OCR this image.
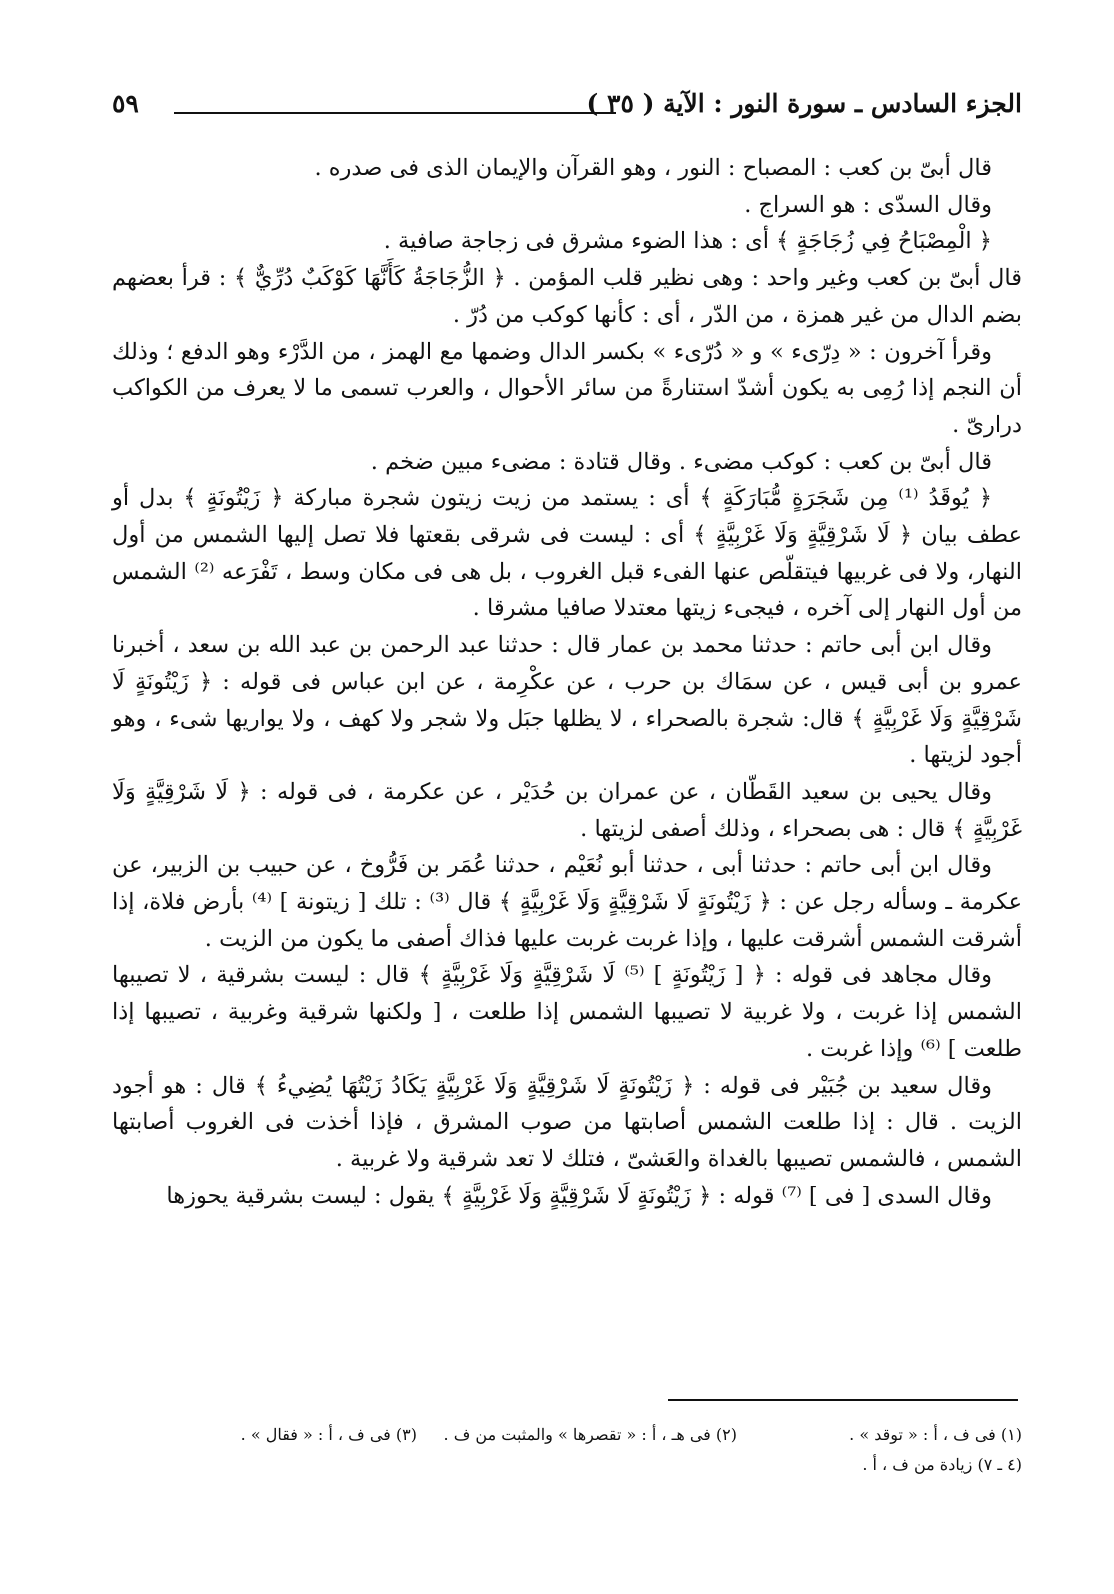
الجزء السادس ـ سورة النور : الآية ( ٣٥ )
٥٩

قال أبىّ بن كعب : المصباح : النور ، وهو القرآن والإيمان الذى فى صدره .

وقال السدّى : هو السراج .

﴿ الْمِصْبَاحُ فِي زُجَاجَةٍ ﴾ أى : هذا الضوء مشرق فى زجاجة صافية .

قال أبىّ بن كعب وغير واحد : وهى نظير قلب المؤمن . ﴿ الزُّجَاجَةُ كَأَنَّهَا كَوْكَبٌ دُرِّيٌّ ﴾ : قرأ بعضهم بضم الدال من غير همزة ، من الدّر ، أى : كأنها كوكب من دُرّ .

وقرأ آخرون : « دِرّىء » و « دُرّىء » بكسر الدال وضمها مع الهمز ، من الدَّرْء وهو الدفع ؛ وذلك أن النجم إذا رُمِى به يكون أشدّ استنارةً من سائر الأحوال ، والعرب تسمى ما لا يعرف من الكواكب درارىّ .

قال أبىّ بن كعب : كوكب مضىء . وقال قتادة : مضىء مبين ضخم .

﴿ يُوقَدُ ⁽¹⁾ مِن شَجَرَةٍ مُّبَارَكَةٍ ﴾ أى : يستمد من زيت زيتون شجرة مباركة ﴿ زَيْتُونَةٍ ﴾ بدل أو عطف بيان ﴿ لَا شَرْقِيَّةٍ وَلَا غَرْبِيَّةٍ ﴾ أى : ليست فى شرقى بقعتها فلا تصل إليها الشمس من أول النهار، ولا فى غربيها فيتقلّص عنها الفىء قبل الغروب ، بل هى فى مكان وسط ، تَفْرَعه ⁽²⁾ الشمس من أول النهار إلى آخره ، فيجىء زيتها معتدلا صافيا مشرقا .

وقال ابن أبى حاتم : حدثنا محمد بن عمار قال : حدثنا عبد الرحمن بن عبد الله بن سعد ، أخبرنا عمرو بن أبى قيس ، عن سمَاك بن حرب ، عن عكْرِمة ، عن ابن عباس فى قوله : ﴿ زَيْتُونَةٍ لَا شَرْقِيَّةٍ وَلَا غَرْبِيَّةٍ ﴾ قال: شجرة بالصحراء ، لا يظلها جبَل ولا شجر ولا كهف ، ولا يواريها شىء ، وهو أجود لزيتها .

وقال يحيى بن سعيد القَطّان ، عن عمران بن حُدَيْر ، عن عكرمة ، فى قوله : ﴿ لَا شَرْقِيَّةٍ وَلَا غَرْبِيَّةٍ ﴾ قال : هى بصحراء ، وذلك أصفى لزيتها .

وقال ابن أبى حاتم : حدثنا أبى ، حدثنا أبو نُعَيْم ، حدثنا عُمَر بن فَرُّوخ ، عن حبيب بن الزبير، عن عكرمة ـ وسأله رجل عن : ﴿ زَيْتُونَةٍ لَا شَرْقِيَّةٍ وَلَا غَرْبِيَّةٍ ﴾ قال ⁽³⁾ : تلك [ زيتونة ] ⁽⁴⁾ بأرض فلاة، إذا أشرقت الشمس أشرقت عليها ، وإذا غربت غربت عليها فذاك أصفى ما يكون من الزيت .

وقال مجاهد فى قوله : ﴿ [ زَيْتُونَةٍ ] ⁽⁵⁾ لَا شَرْقِيَّةٍ وَلَا غَرْبِيَّةٍ ﴾ قال : ليست بشرقية ، لا تصيبها الشمس إذا غربت ، ولا غربية لا تصيبها الشمس إذا طلعت ، [ ولكنها شرقية وغربية ، تصيبها إذا طلعت ] ⁽⁶⁾ وإذا غربت .

وقال سعيد بن جُبَيْر فى قوله : ﴿ زَيْتُونَةٍ لَا شَرْقِيَّةٍ وَلَا غَرْبِيَّةٍ يَكَادُ زَيْتُهَا يُضِيءُ ﴾ قال : هو أجود الزيت . قال : إذا طلعت الشمس أصابتها من صوب المشرق ، فإذا أخذت فى الغروب أصابتها الشمس ، فالشمس تصيبها بالغداة والعَشىّ ، فتلك لا تعد شرقية ولا غربية .

وقال السدى [ فى ] ⁽⁷⁾ قوله : ﴿ زَيْتُونَةٍ لَا شَرْقِيَّةٍ وَلَا غَرْبِيَّةٍ ﴾ يقول : ليست بشرقية يحوزها

(١) فى ف ، أ : « توقد » .
(٢) فى هـ ، أ : « تقصرها » والمثبت من ف .
(٣) فى ف ، أ : « فقال » .
(٤ ـ ٧) زيادة من ف ، أ .
